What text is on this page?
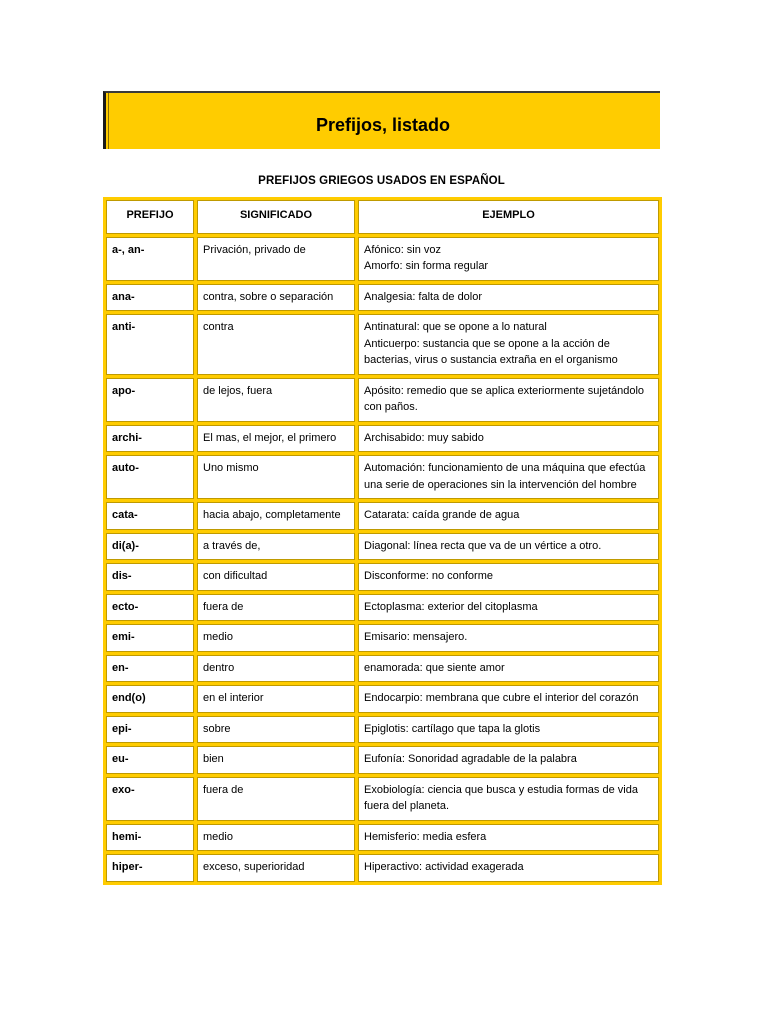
Prefijos, listado
PREFIJOS GRIEGOS USADOS EN ESPAÑOL
PREFIJO	SIGNIFICADO	EJEMPLO
a-, an-	Privación, privado de	Afónico: sin voz
Amorfo: sin forma regular

ana-	contra, sobre o separación	Analgesia: falta de dolor

anti-	contra	Antinatural: que se opone a lo natural
Anticuerpo: sustancia que se opone a la acción de bacterias, virus o sustancia extraña en el organismo

apo-	de lejos, fuera	Apósito: remedio que se aplica exteriormente sujetándolo con paños.

archi-	El mas, el mejor, el primero	Archisabido: muy sabido

auto-	Uno mismo	Automación: funcionamiento de una máquina que efectúa una serie de operaciones sin la intervención del hombre

cata-	hacia abajo, completamente	Catarata: caída grande de agua

di(a)-	a través de,	Diagonal: línea recta que va de un vértice a otro.

dis-	con dificultad	Disconforme: no conforme

ecto-	fuera de	Ectoplasma: exterior del citoplasma

emi-	medio	Emisario: mensajero.

en-	dentro	enamorada: que siente amor

end(o)	en el interior	Endocarpio: membrana que cubre el interior del corazón

epi-	sobre	Epiglotis: cartílago que tapa la glotis

eu-	bien	Eufonía: Sonoridad agradable de la palabra

exo-	fuera de	Exobiología: ciencia que busca y estudia formas de vida fuera del planeta.

hemi-	medio	Hemisferio: media esfera

hiper-	exceso, superioridad	Hiperactivo: actividad exagerada
